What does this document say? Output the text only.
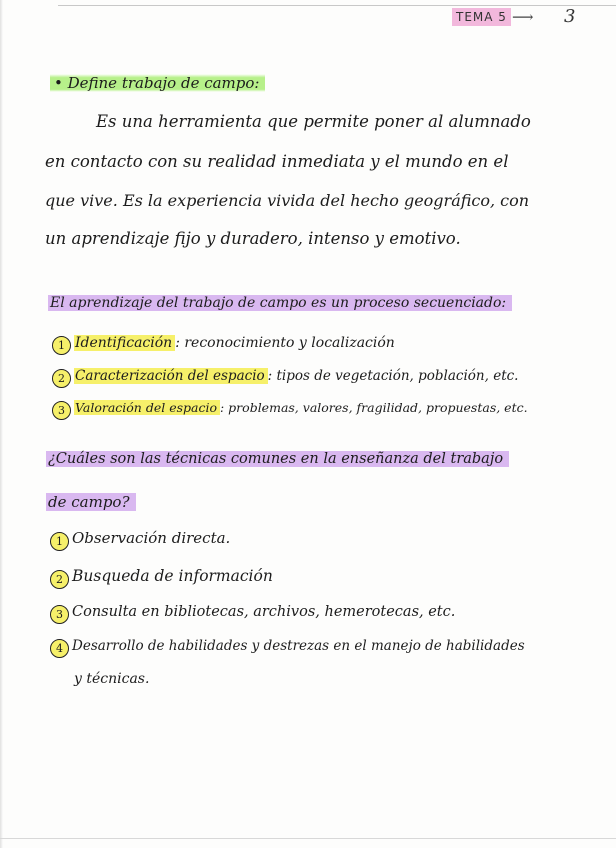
TEMA 5 ⟶ 3
• Define trabajo de campo:
Es una herramienta que permite poner al alumnado
en contacto con su realidad inmediata y el mundo en el
que vive. Es la experiencia vivida del hecho geográfico, con
un aprendizaje fijo y duradero, intenso y emotivo.
El aprendizaje del trabajo de campo es un proceso secuenciado:
1 Identificación : reconocimiento y localización
2 Caracterización del espacio : tipos de vegetación, población, etc.
3 Valoración del espacio : problemas, valores, fragilidad, propuestas, etc.
¿Cuáles son las técnicas comunes en la enseñanza del trabajo
de campo?
1 Observación directa.
2 Busqueda de información
3 Consulta en bibliotecas, archivos, hemerotecas, etc.
4 Desarrollo de habilidades y destrezas en el manejo de habilidades
y técnicas.
